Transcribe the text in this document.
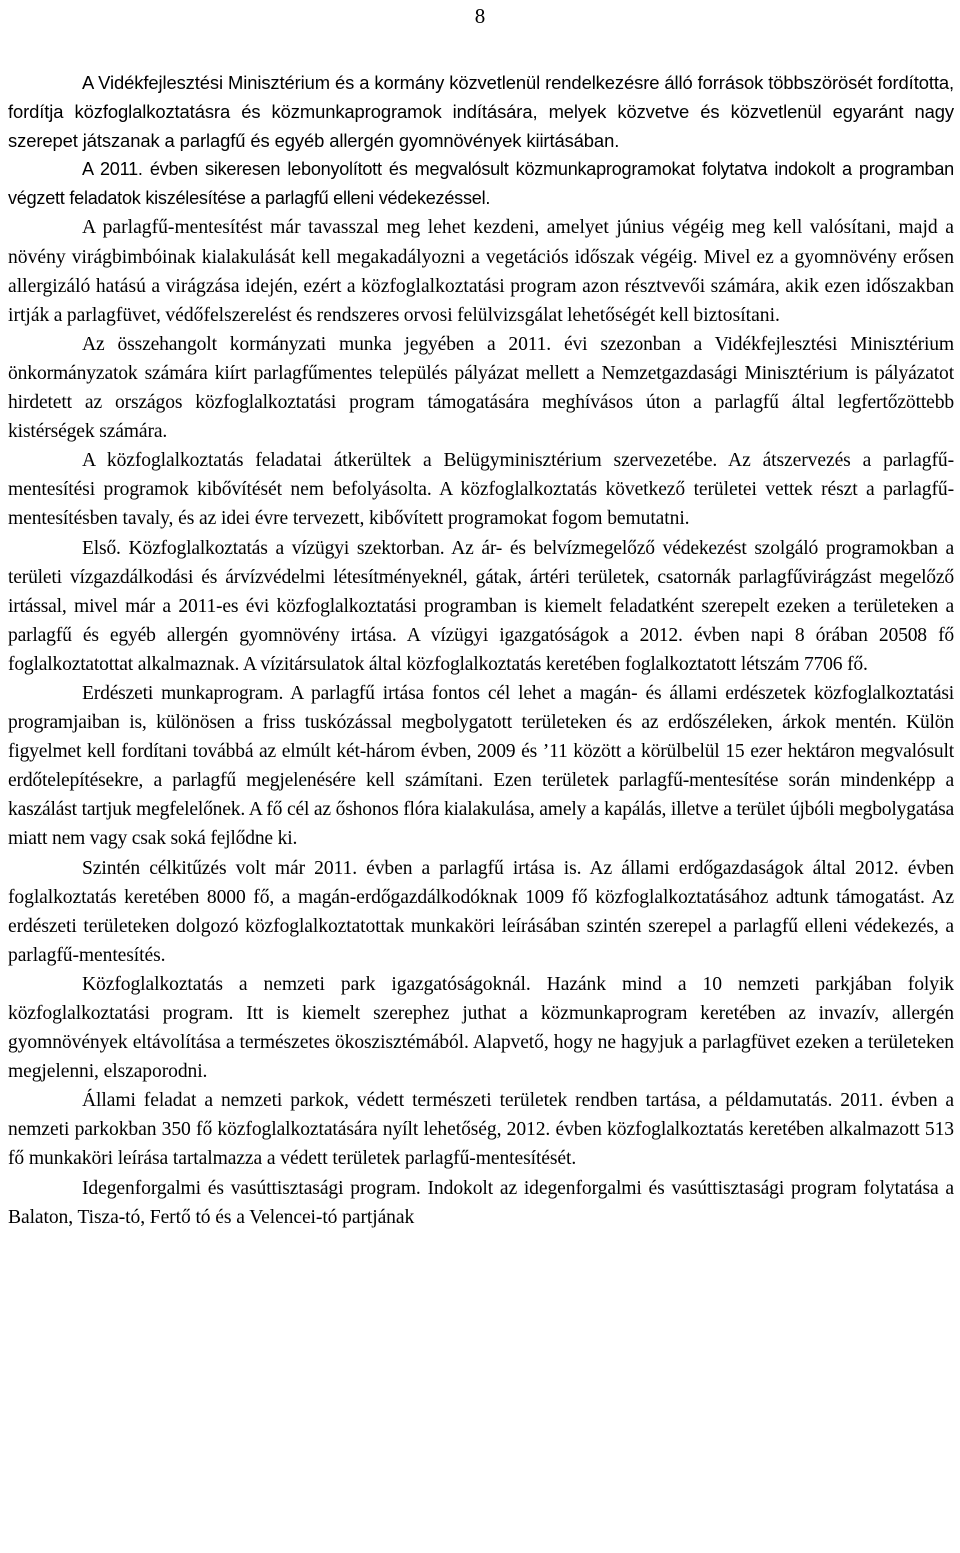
8

A Vidékfejlesztési Minisztérium és a kormány közvetlenül rendelkezésre álló források többszörösét fordította, fordítja közfoglalkoztatásra és közmunkaprogramok indítására, melyek közvetve és közvetlenül egyaránt nagy szerepet játszanak a parlagfű és egyéb allergén gyomnövények kiirtásában.

A 2011. évben sikeresen lebonyolított és megvalósult közmunkaprogramokat folytatva indokolt a programban végzett feladatok kiszélesítése a parlagfű elleni védekezéssel.

A parlagfű-mentesítést már tavasszal meg lehet kezdeni, amelyet június végéig meg kell valósítani, majd a növény virágbimbóinak kialakulását kell megakadályozni a vegetációs időszak végéig. Mivel ez a gyomnövény erősen allergizáló hatású a virágzása idején, ezért a közfoglalkoztatási program azon résztvevői számára, akik ezen időszakban irtják a parlagfüvet, védőfelszerelést és rendszeres orvosi felülvizsgálat lehetőségét kell biztosítani.

Az összehangolt kormányzati munka jegyében a 2011. évi szezonban a Vidékfejlesztési Minisztérium önkormányzatok számára kiírt parlagfűmentes település pályázat mellett a Nemzetgazdasági Minisztérium is pályázatot hirdetett az országos közfoglalkoztatási program támogatására meghívásos úton a parlagfű által legfertőzöttebb kistérségek számára.

A közfoglalkoztatás feladatai átkerültek a Belügyminisztérium szervezetébe. Az átszervezés a parlagfű-mentesítési programok kibővítését nem befolyásolta. A közfoglalkoztatás következő területei vettek részt a parlagfű-mentesítésben tavaly, és az idei évre tervezett, kibővített programokat fogom bemutatni.

Első. Közfoglalkoztatás a vízügyi szektorban. Az ár- és belvízmegelőző védekezést szolgáló programokban a területi vízgazdálkodási és árvízvédelmi létesítményeknél, gátak, ártéri területek, csatornák parlagfűvirágzást megelőző irtással, mivel már a 2011-es évi közfoglalkoztatási programban is kiemelt feladatként szerepelt ezeken a területeken a parlagfű és egyéb allergén gyomnövény irtása. A vízügyi igazgatóságok a 2012. évben napi 8 órában 20508 fő foglalkoztatottat alkalmaznak. A vízitársulatok által közfoglalkoztatás keretében foglalkoztatott létszám 7706 fő.

Erdészeti munkaprogram. A parlagfű irtása fontos cél lehet a magán- és állami erdészetek közfoglalkoztatási programjaiban is, különösen a friss tuskózással megbolygatott területeken és az erdőszéleken, árkok mentén. Külön figyelmet kell fordítani továbbá az elmúlt két-három évben, 2009 és ’11 között a körülbelül 15 ezer hektáron megvalósult erdőtelepítésekre, a parlagfű megjelenésére kell számítani. Ezen területek parlagfű-mentesítése során mindenképp a kaszálást tartjuk megfelelőnek. A fő cél az őshonos flóra kialakulása, amely a kapálás, illetve a terület újbóli megbolygatása miatt nem vagy csak soká fejlődne ki.

Szintén célkitűzés volt már 2011. évben a parlagfű irtása is. Az állami erdőgazdaságok által 2012. évben foglalkoztatás keretében 8000 fő, a magán-erdőgazdálkodóknak 1009 fő közfoglalkoztatásához adtunk támogatást. Az erdészeti területeken dolgozó közfoglalkoztatottak munkaköri leírásában szintén szerepel a parlagfű elleni védekezés, a parlagfű-mentesítés.

Közfoglalkoztatás a nemzeti park igazgatóságoknál. Hazánk mind a 10 nemzeti parkjában folyik közfoglalkoztatási program. Itt is kiemelt szerephez juthat a közmunkaprogram keretében az invazív, allergén gyomnövények eltávolítása a természetes ökoszisztémából. Alapvető, hogy ne hagyjuk a parlagfüvet ezeken a területeken megjelenni, elszaporodni.

Állami feladat a nemzeti parkok, védett természeti területek rendben tartása, a példamutatás. 2011. évben a nemzeti parkokban 350 fő közfoglalkoztatására nyílt lehetőség, 2012. évben közfoglalkoztatás keretében alkalmazott 513 fő munkaköri leírása tartalmazza a védett területek parlagfű-mentesítését.

Idegenforgalmi és vasúttisztasági program. Indokolt az idegenforgalmi és vasúttisztasági program folytatása a Balaton, Tisza-tó, Fertő tó és a Velencei-tó partjának
